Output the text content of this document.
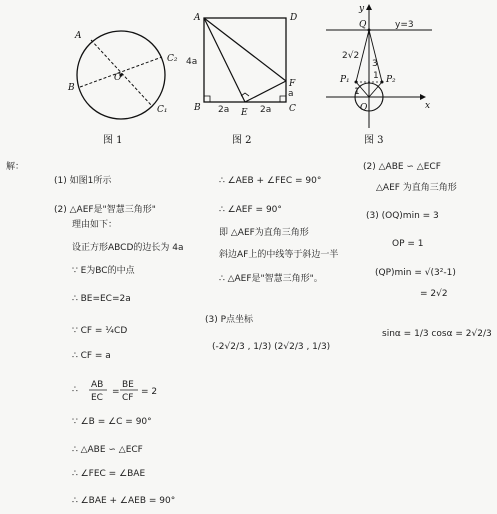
A
B
O
C₁
C₂
图 1
A	D
B	C
E
F
4a
2a	2a
a
图 2
y
x
O
Q
P₁	P₂
y=3
2√2
1
3
1
图 3
解：
(1) 如图1所示
(2) △AEF是"智慧三角形"
理由如下：
设正方形ABCD的边长为 4a
∵ E为BC的中点
∴ BE=EC=2a
∵ CF = ¼CD
∴ CF = a
∴ AB
EC
=
BE
CF
= 2
∵ ∠B = ∠C = 90°
∴ △ABE ∽ △ECF
∴ ∠FEC = ∠BAE
∴ ∠BAE + ∠AEB = 90°
∴ ∠AEB + ∠FEC = 90°
∴ ∠AEF = 90°
即 △AEF为直角三角形
斜边AF上的中线等于斜边一半
∴ △AEF是"智慧三角形"。
(3) P点坐标
(-2√2/3 , 1/3) (2√2/3 , 1/3)
(2) △ABE ∽ △ECF
△AEF 为直角三角形
(3) (OQ)min = 3
OP = 1
(QP)min = √(3²-1)
= 2√2
sinα = 1/3 cosα = 2√2/3
